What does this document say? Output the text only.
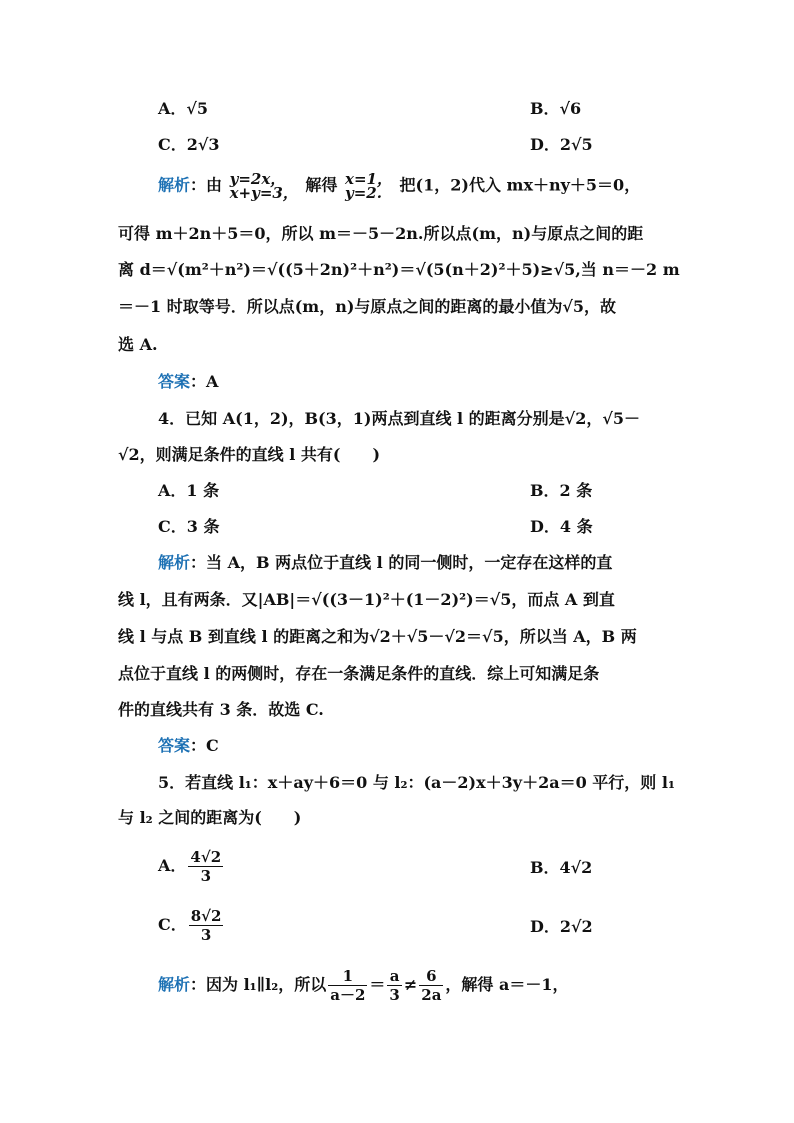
A．√5	B．√6
C．2√3	D．2√5
解析：由 y=2x，
x+y=3， 解得 x=1，
y=2.	把(1，2)代入 mx＋ny＋5＝0，
可得 m＋2n＋5＝0，所以 m＝－5－2n.所以点(m，n)与原点之间的距
离 d＝√(m²＋n²)＝√((5＋2n)²＋n²)＝√(5(n＋2)²＋5)≥√5,当 n＝－2 m
＝－1 时取等号．所以点(m，n)与原点之间的距离的最小值为√5，故
选 A.
答案：A
4．已知 A(1，2)，B(3，1)两点到直线 l 的距离分别是√2，√5－
√2，则满足条件的直线 l 共有(　　)
A．1 条	B．2 条
C．3 条	D．4 条
解析：当 A，B 两点位于直线 l 的同一侧时，一定存在这样的直
线 l，且有两条．又|AB|＝√((3－1)²＋(1－2)²)＝√5，而点 A 到直
线 l 与点 B 到直线 l 的距离之和为√2＋√5－√2＝√5，所以当 A，B 两
点位于直线 l 的两侧时，存在一条满足条件的直线．综上可知满足条
件的直线共有 3 条．故选 C.
答案：C
5．若直线 l₁：x＋ay＋6＝0 与 l₂：(a－2)x＋3y＋2a＝0 平行，则 l₁
与 l₂ 之间的距离为(　　)
A． $\frac{4√2}{3}$	B．4√2
C． $\frac{8√2}{3}$	D．2√2
解析：因为 l₁∥l₂，所以 $\frac{1}{a-2} = \frac{a}{3} \ne \frac{6}{2a}$ ，解得 a＝－1，
